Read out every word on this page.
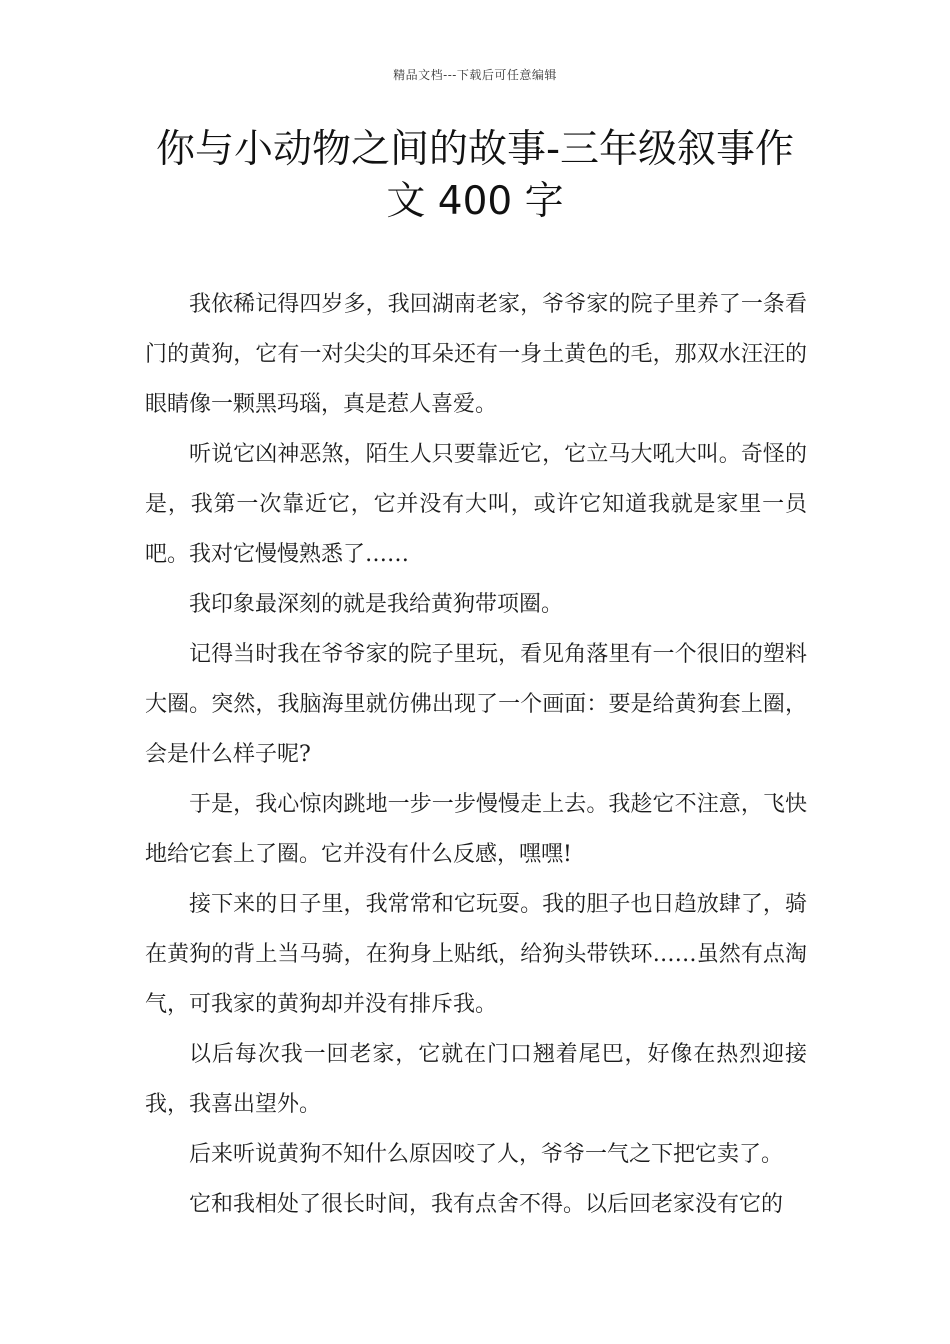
精品文档---下载后可任意编辑
你与小动物之间的故事-三年级叙事作
文 400 字

我依稀记得四岁多，我回湖南老家，爷爷家的院子里养了一条看门的黄狗，它有一对尖尖的耳朵还有一身土黄色的毛，那双水汪汪的眼睛像一颗黑玛瑙，真是惹人喜爱。

听说它凶神恶煞，陌生人只要靠近它，它立马大吼大叫。奇怪的是，我第一次靠近它，它并没有大叫，或许它知道我就是家里一员吧。我对它慢慢熟悉了……

我印象最深刻的就是我给黄狗带项圈。

记得当时我在爷爷家的院子里玩，看见角落里有一个很旧的塑料大圈。突然，我脑海里就仿佛出现了一个画面：要是给黄狗套上圈，会是什么样子呢?

于是，我心惊肉跳地一步一步慢慢走上去。我趁它不注意，飞快地给它套上了圈。它并没有什么反感，嘿嘿!

接下来的日子里，我常常和它玩耍。我的胆子也日趋放肆了，骑在黄狗的背上当马骑，在狗身上贴纸，给狗头带铁环……虽然有点淘气，可我家的黄狗却并没有排斥我。

以后每次我一回老家，它就在门口翘着尾巴，好像在热烈迎接我，我喜出望外。

后来听说黄狗不知什么原因咬了人，爷爷一气之下把它卖了。

它和我相处了很长时间，我有点舍不得。以后回老家没有它的
